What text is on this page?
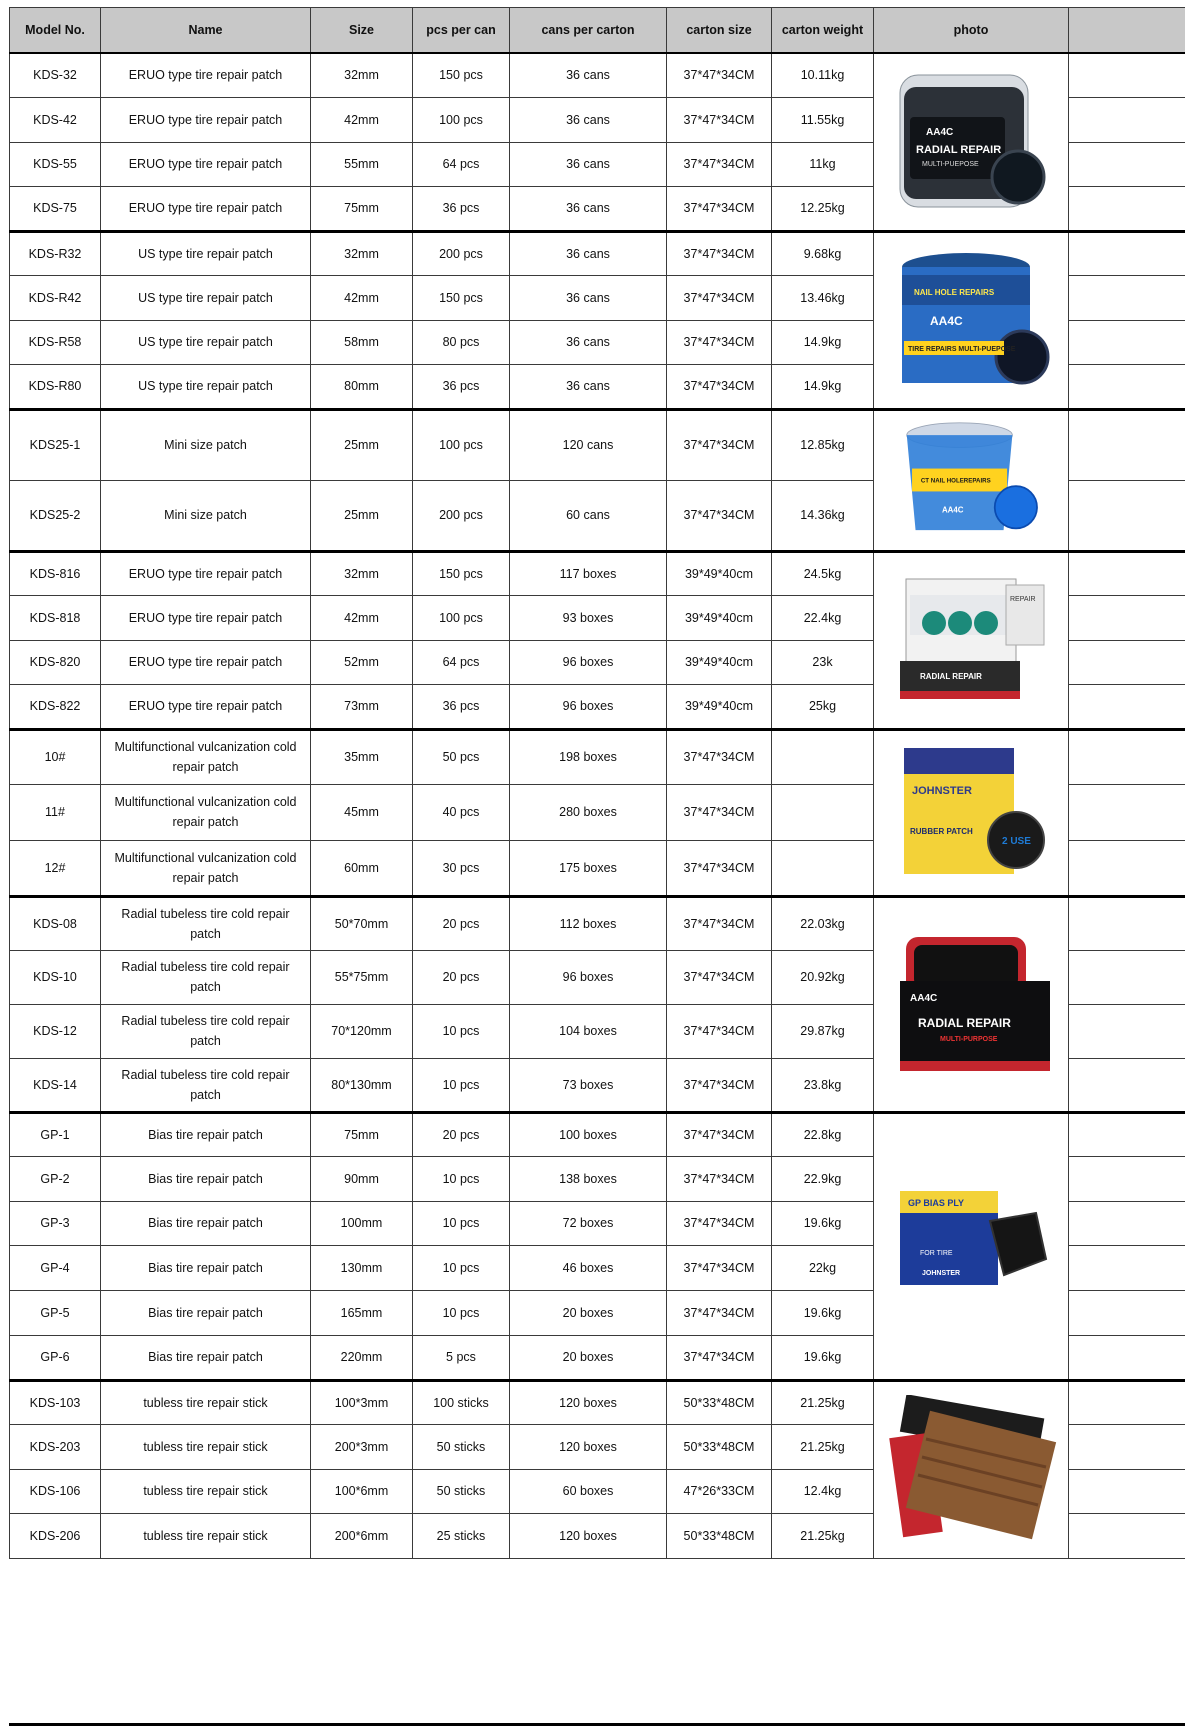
Model No.	Name	Size	pcs per can	cans per carton	carton size	carton weight	photo	
KDS-32	ERUO type tire repair patch	32mm	150 pcs	36 cans	37*47*34CM	10.11kg	AA4C
RADIAL REPAIR
MULTI-PUEPOSE	

KDS-42	ERUO type tire repair patch	42mm	100 pcs	36 cans	37*47*34CM	11.55kg		
KDS-55	ERUO type tire repair patch	55mm	64 pcs	36 cans	37*47*34CM	11kg		
KDS-75	ERUO type tire repair patch	75mm	36 pcs	36 cans	37*47*34CM	12.25kg		
KDS-R32	US type tire repair patch	32mm	200 pcs	36 cans	37*47*34CM	9.68kg	NAIL HOLE REPAIRS
AA4C
TIRE REPAIRS MULTI-PUEPOSE	

KDS-R42	US type tire repair patch	42mm	150 pcs	36 cans	37*47*34CM	13.46kg		
KDS-R58	US type tire repair patch	58mm	80 pcs	36 cans	37*47*34CM	14.9kg		
KDS-R80	US type tire repair patch	80mm	36 pcs	36 cans	37*47*34CM	14.9kg		
KDS25-1	Mini size patch	25mm	100 pcs	120 cans	37*47*34CM	12.85kg	CT NAIL HOLEREPAIRS
AA4C	

KDS25-2	Mini size patch	25mm	200 pcs	60 cans	37*47*34CM	14.36kg		
KDS-816	ERUO type tire repair patch	32mm	150 pcs	117 boxes	39*49*40cm	24.5kg	RADIAL REPAIR
REPAIR	

KDS-818	ERUO type tire repair patch	42mm	100 pcs	93 boxes	39*49*40cm	22.4kg		
KDS-820	ERUO type tire repair patch	52mm	64 pcs	96 boxes	39*49*40cm	23k		
KDS-822	ERUO type tire repair patch	73mm	36 pcs	96 boxes	39*49*40cm	25kg		
10#	Multifunctional vulcanization cold repair patch	35mm	50 pcs	198 boxes	37*47*34CM		JOHNSTER
RUBBER PATCH
2 USE	

11#	Multifunctional vulcanization cold repair patch	45mm	40 pcs	280 boxes	37*47*34CM			
12#	Multifunctional vulcanization cold repair patch	60mm	30 pcs	175 boxes	37*47*34CM			
KDS-08	Radial tubeless tire cold repair patch	50*70mm	20 pcs	112 boxes	37*47*34CM	22.03kg	AA4C
RADIAL REPAIR
MULTI-PURPOSE	

KDS-10	Radial tubeless tire cold repair patch	55*75mm	20 pcs	96 boxes	37*47*34CM	20.92kg		
KDS-12	Radial tubeless tire cold repair patch	70*120mm	10 pcs	104 boxes	37*47*34CM	29.87kg		
KDS-14	Radial tubeless tire cold repair patch	80*130mm	10 pcs	73 boxes	37*47*34CM	23.8kg		
GP-1	Bias tire repair patch	75mm	20 pcs	100 boxes	37*47*34CM	22.8kg	GP BIAS PLY
FOR TIRE
JOHNSTER	

GP-2	Bias tire repair patch	90mm	10 pcs	138 boxes	37*47*34CM	22.9kg		
GP-3	Bias tire repair patch	100mm	10 pcs	72 boxes	37*47*34CM	19.6kg		
GP-4	Bias tire repair patch	130mm	10 pcs	46 boxes	37*47*34CM	22kg		
GP-5	Bias tire repair patch	165mm	10 pcs	20 boxes	37*47*34CM	19.6kg		
GP-6	Bias tire repair patch	220mm	5 pcs	20 boxes	37*47*34CM	19.6kg		
KDS-103	tubless tire repair stick	100*3mm	100 sticks	120 boxes	50*33*48CM	21.25kg	

KDS-203	tubless tire repair stick	200*3mm	50 sticks	120 boxes	50*33*48CM	21.25kg		
KDS-106	tubless tire repair stick	100*6mm	50 sticks	60 boxes	47*26*33CM	12.4kg		
KDS-206	tubless tire repair stick	200*6mm	25 sticks	120 boxes	50*33*48CM	21.25kg		
